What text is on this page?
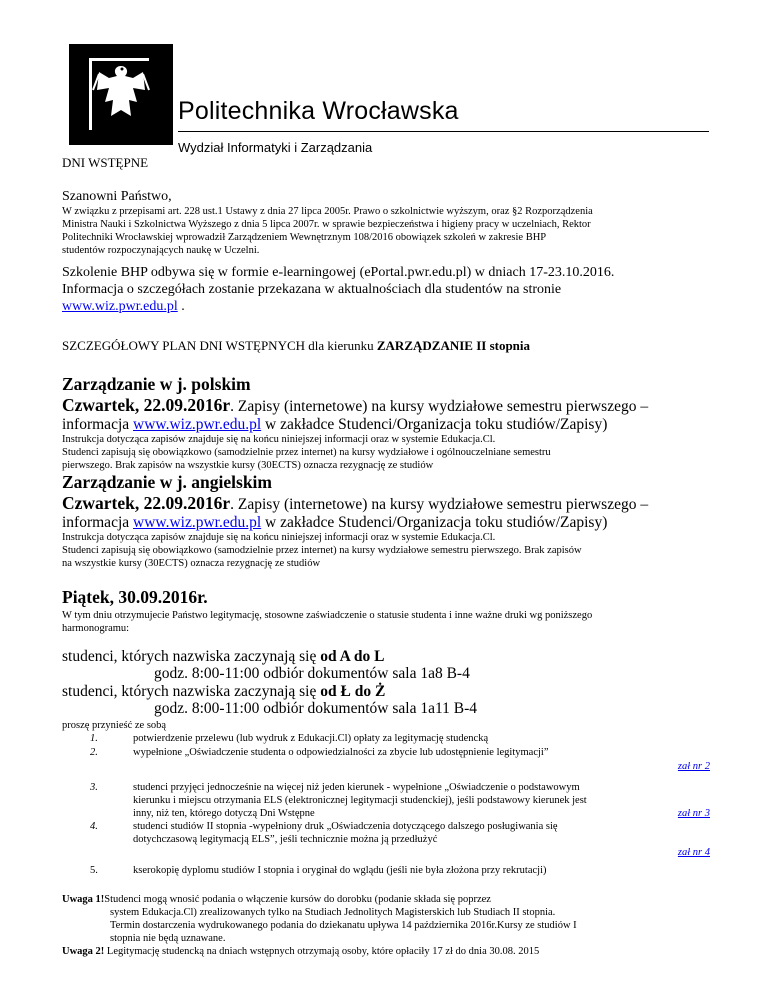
Politechnika Wrocławska
Wydział Informatyki i Zarządzania
DNI WSTĘPNE
Szanowni Państwo,
W związku z przepisami art. 228 ust.1 Ustawy z dnia 27 lipca 2005r. Prawo o szkolnictwie wyższym, oraz §2 Rozporządzenia
Ministra Nauki i Szkolnictwa Wyższego z dnia 5 lipca 2007r. w sprawie bezpieczeństwa i higieny pracy w uczelniach, Rektor
Politechniki Wrocławskiej wprowadził Zarządzeniem Wewnętrznym 108/2016 obowiązek szkoleń w zakresie BHP
studentów rozpoczynających naukę w Uczelni.
Szkolenie BHP odbywa się w formie e-learningowej (ePortal.pwr.edu.pl) w dniach 17-23.10.2016.
Informacja o szczegółach zostanie przekazana w aktualnościach dla studentów na stronie
www.wiz.pwr.edu.pl .
SZCZEGÓŁOWY PLAN DNI WSTĘPNYCH dla kierunku ZARZĄDZANIE II stopnia
Zarządzanie w j. polskim
Czwartek, 22.09.2016r. Zapisy (internetowe) na kursy wydziałowe semestru pierwszego –
informacja www.wiz.pwr.edu.pl w zakładce Studenci/Organizacja toku studiów/Zapisy)
Instrukcja dotycząca zapisów znajduje się na końcu niniejszej informacji oraz w systemie Edukacja.Cl.
Studenci zapisują się obowiązkowo (samodzielnie przez internet) na kursy wydziałowe i ogólnouczelniane semestru
pierwszego. Brak zapisów na wszystkie kursy (30ECTS) oznacza rezygnację ze studiów
Zarządzanie w j. angielskim
Czwartek, 22.09.2016r. Zapisy (internetowe) na kursy wydziałowe semestru pierwszego –
informacja www.wiz.pwr.edu.pl w zakładce Studenci/Organizacja toku studiów/Zapisy)
Instrukcja dotycząca zapisów znajduje się na końcu niniejszej informacji oraz w systemie Edukacja.Cl.
Studenci zapisują się obowiązkowo (samodzielnie przez internet) na kursy wydziałowe semestru pierwszego. Brak zapisów
na wszystkie kursy (30ECTS) oznacza rezygnację ze studiów
Piątek, 30.09.2016r.
W tym dniu otrzymujecie Państwo legitymację, stosowne zaświadczenie o statusie studenta i inne ważne druki wg poniższego
harmonogramu:
studenci, których nazwiska zaczynają się od A do L
godz. 8:00-11:00 odbiór dokumentów sala 1a8 B-4
studenci, których nazwiska zaczynają się od Ł do Ż
godz. 8:00-11:00 odbiór dokumentów sala 1a11 B-4
proszę przynieść ze sobą
1.	potwierdzenie przelewu (lub wydruk z Edukacji.Cl) opłaty za legitymację studencką
2.	wypełnione „Oświadczenie studenta o odpowiedzialności za zbycie lub udostępnienie legitymacji”
zał nr 2
3.	studenci przyjęci jednocześnie na więcej niż jeden kierunek - wypełnione „Oświadczenie o podstawowym
kierunku i miejscu otrzymania ELS (elektronicznej legitymacji studenckiej), jeśli podstawowy kierunek jest
inny, niż ten, którego dotyczą Dni Wstępne	zał nr 3
4.	studenci studiów II stopnia -wypełniony druk „Oświadczenia dotyczącego dalszego posługiwania się
dotychczasową legitymacją ELS”, jeśli technicznie można ją przedłużyć
zał nr 4
5.	kserokopię dyplomu studiów I stopnia i oryginał do wglądu (jeśli nie była złożona przy rekrutacji)
Uwaga 1!Studenci mogą wnosić podania o włączenie kursów do dorobku (podanie składa się poprzez
system Edukacja.Cl) zrealizowanych tylko na Studiach Jednolitych Magisterskich lub Studiach II stopnia.
Termin dostarczenia wydrukowanego podania do dziekanatu upływa 14 października 2016r.Kursy ze studiów I
stopnia nie będą uznawane.
Uwaga 2! Legitymację studencką na dniach wstępnych otrzymają osoby, które opłaciły 17 zł do dnia 30.08. 2015
